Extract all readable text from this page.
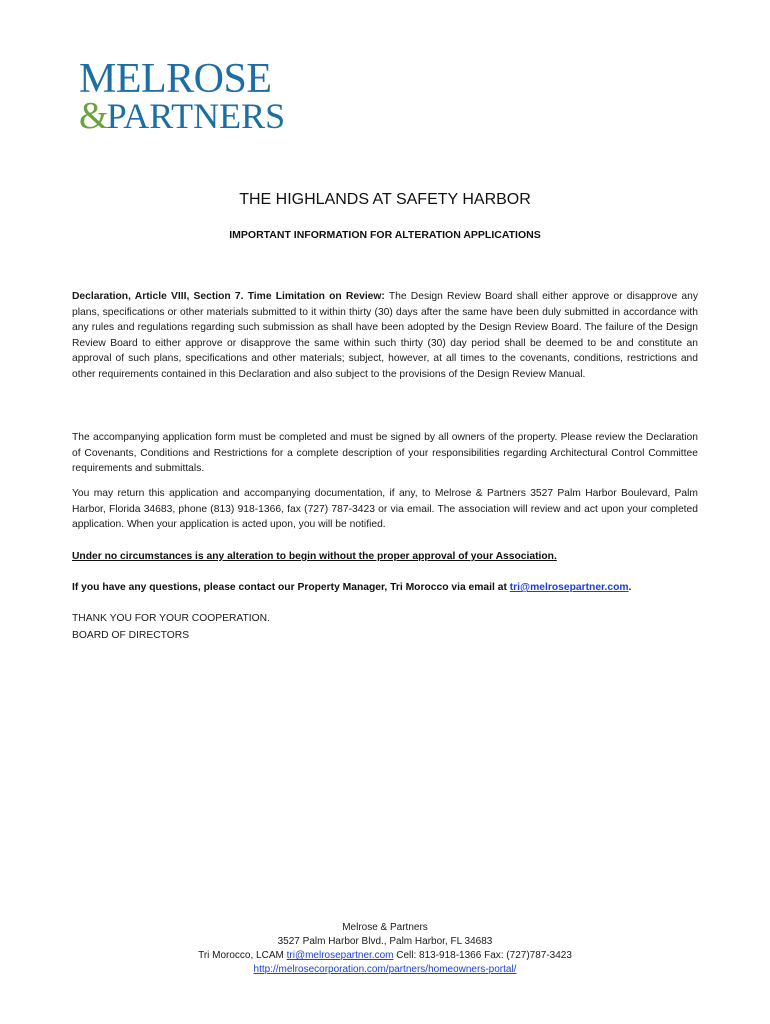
MELROSE
&PARTNERS
THE HIGHLANDS AT SAFETY HARBOR
IMPORTANT INFORMATION FOR ALTERATION APPLICATIONS

Declaration, Article VIII, Section 7. Time Limitation on Review: The Design Review Board shall either approve or disapprove any plans, specifications or other materials submitted to it within thirty (30) days after the same have been duly submitted in accordance with any rules and regulations regarding such submission as shall have been adopted by the Design Review Board. The failure of the Design Review Board to either approve or disapprove the same within such thirty (30) day period shall be deemed to be and constitute an approval of such plans, specifications and other materials; subject, however, at all times to the covenants, conditions, restrictions and other requirements contained in this Declaration and also subject to the provisions of the Design Review Manual.

The accompanying application form must be completed and must be signed by all owners of the property. Please review the Declaration of Covenants, Conditions and Restrictions for a complete description of your responsibilities regarding Architectural Control Committee requirements and submittals.

You may return this application and accompanying documentation, if any, to Melrose & Partners 3527 Palm Harbor Boulevard, Palm Harbor, Florida 34683, phone (813) 918-1366, fax (727) 787-3423 or via email. The association will review and act upon your completed application. When your application is acted upon, you will be notified.

Under no circumstances is any alteration to begin without the proper approval of your Association.

If you have any questions, please contact our Property Manager, Tri Morocco via email at tri@melrosepartner.com.

THANK YOU FOR YOUR COOPERATION.

BOARD OF DIRECTORS

Melrose & Partners
3527 Palm Harbor Blvd., Palm Harbor, FL 34683
Tri Morocco, LCAM tri@melrosepartner.com Cell: 813-918-1366 Fax: (727)787-3423
http://melrosecorporation.com/partners/homeowners-portal/
